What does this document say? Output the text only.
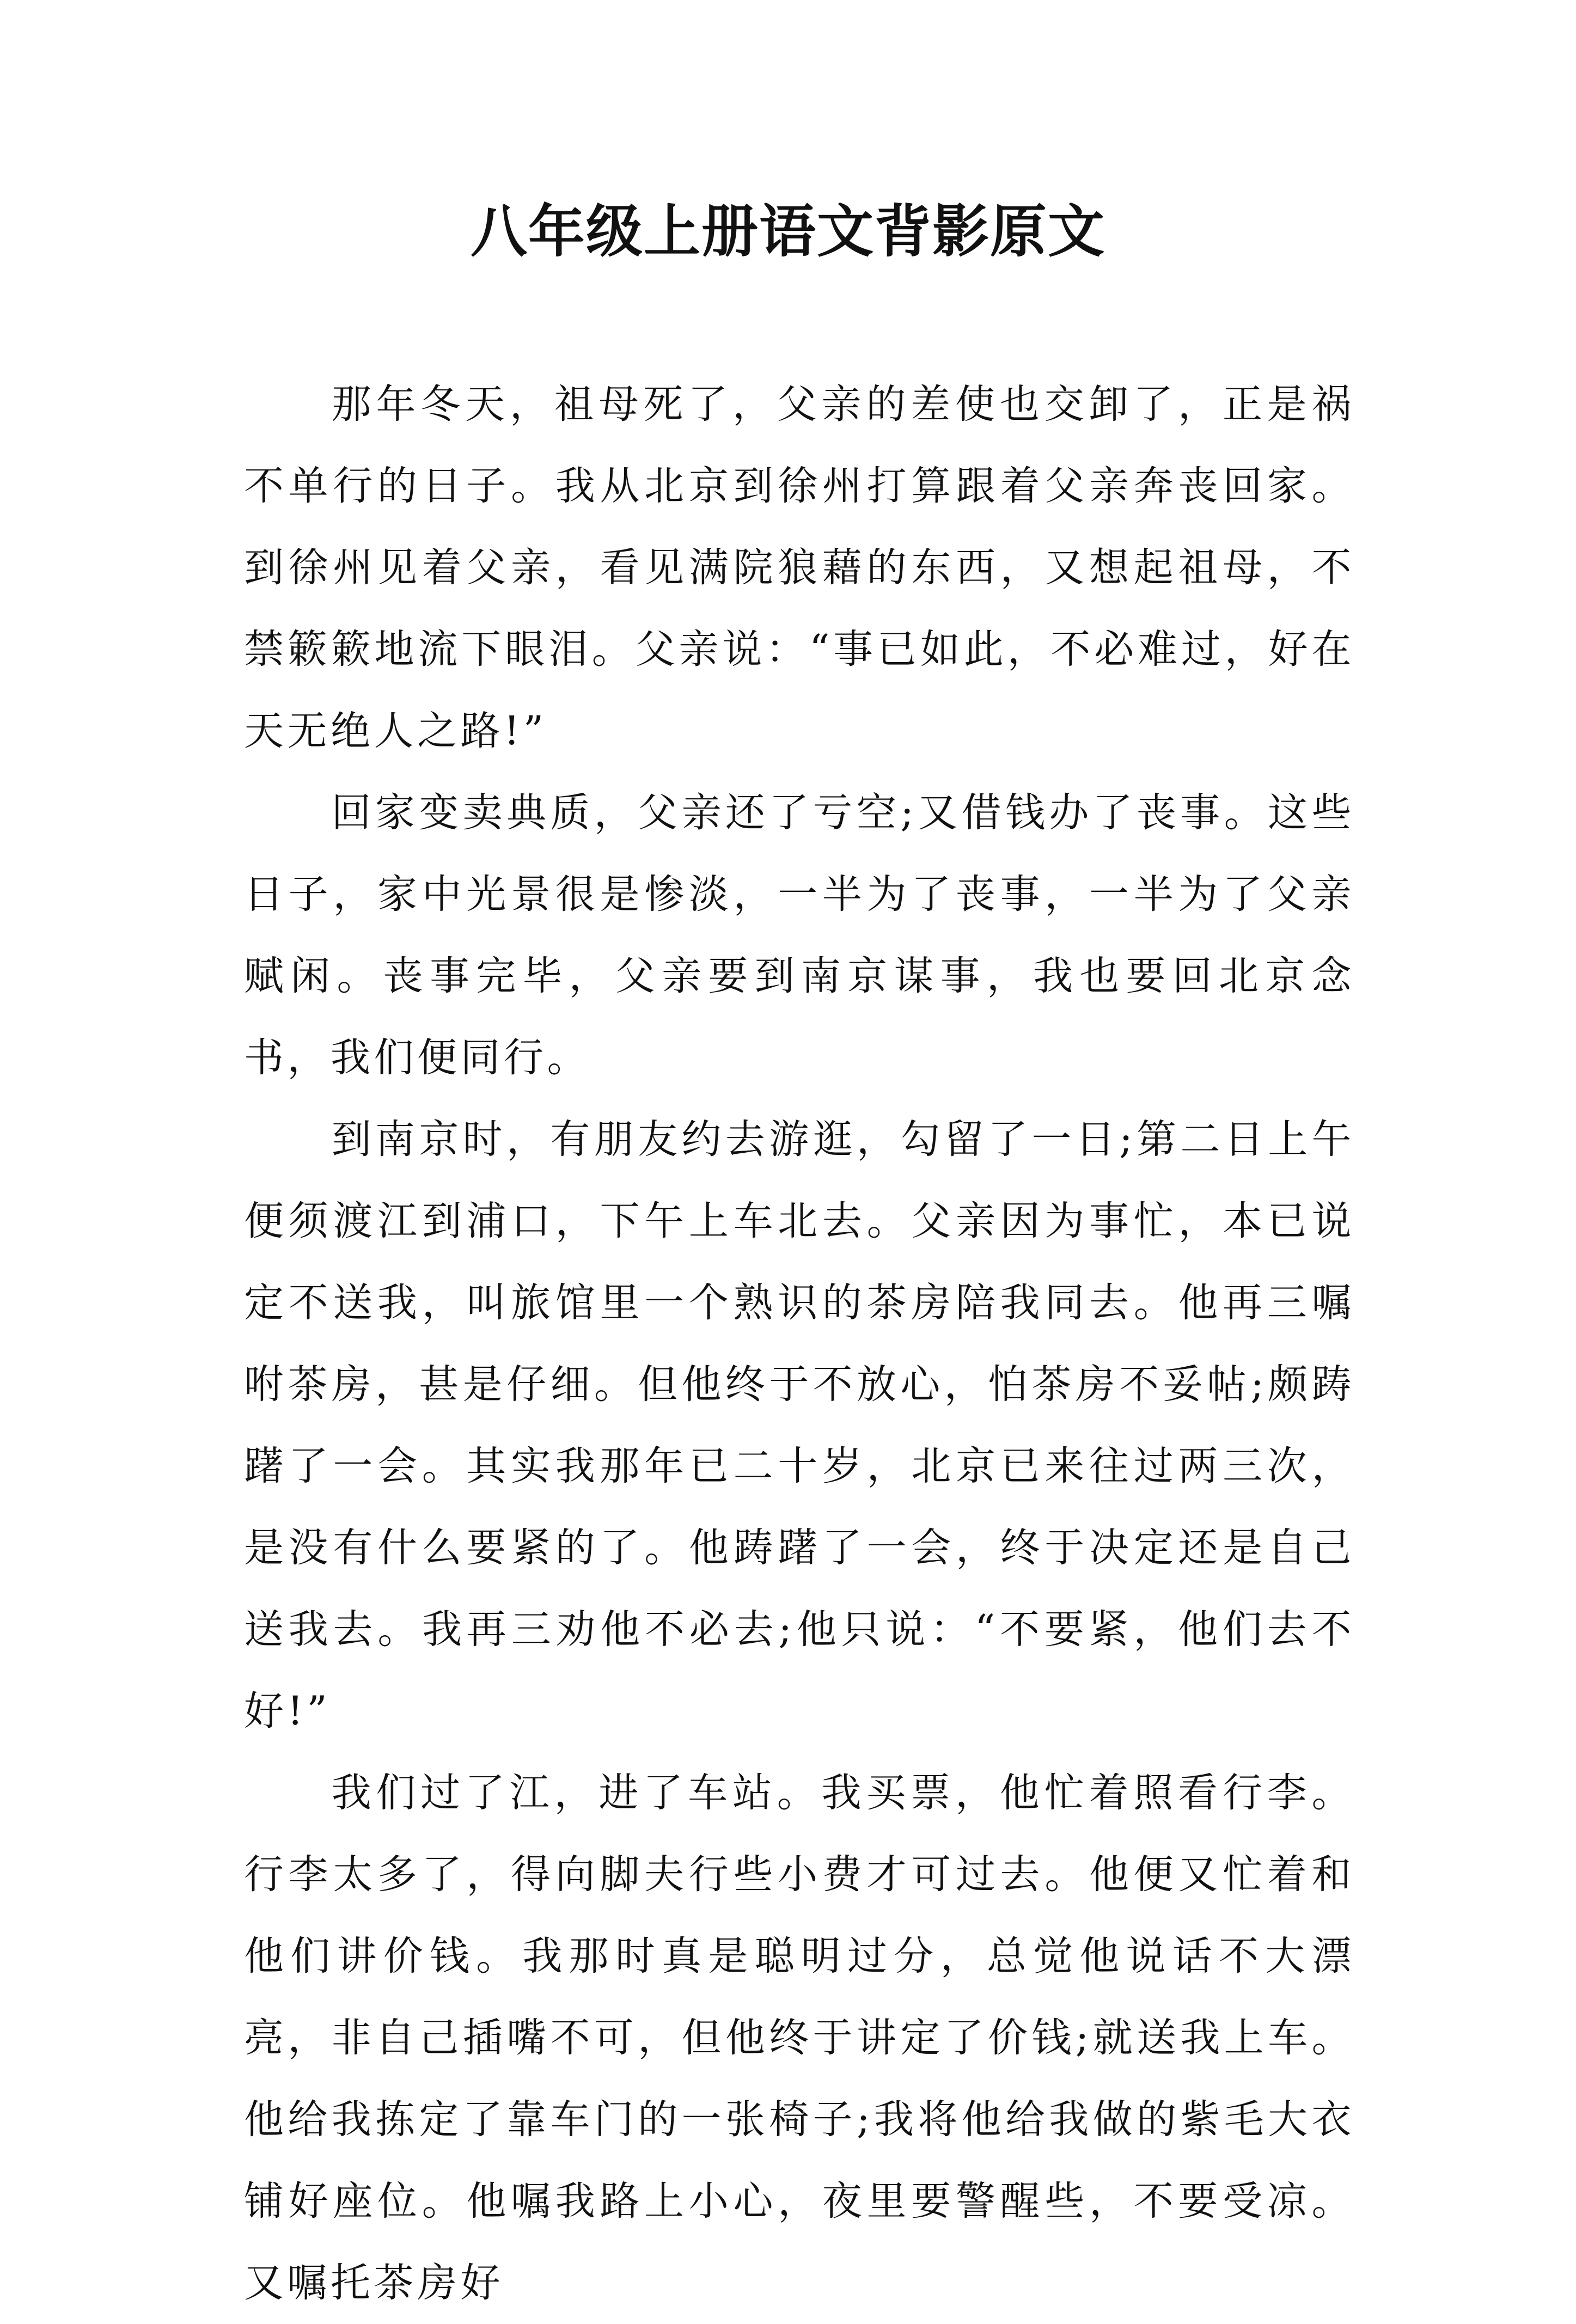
八年级上册语文背影原文

那年冬天，祖母死了，父亲的差使也交卸了，正是祸不单行的日子。我从北京到徐州打算跟着父亲奔丧回家。到徐州见着父亲，看见满院狼藉的东西，又想起祖母，不禁簌簌地流下眼泪。父亲说：“事已如此，不必难过，好在天无绝人之路!”

回家变卖典质，父亲还了亏空;又借钱办了丧事。这些日子，家中光景很是惨淡，一半为了丧事，一半为了父亲赋闲。丧事完毕，父亲要到南京谋事，我也要回北京念书，我们便同行。

到南京时，有朋友约去游逛，勾留了一日;第二日上午便须渡江到浦口，下午上车北去。父亲因为事忙，本已说定不送我，叫旅馆里一个熟识的茶房陪我同去。他再三嘱咐茶房，甚是仔细。但他终于不放心，怕茶房不妥帖;颇踌躇了一会。其实我那年已二十岁，北京已来往过两三次，是没有什么要紧的了。他踌躇了一会，终于决定还是自己送我去。我再三劝他不必去;他只说：“不要紧，他们去不好!”

我们过了江，进了车站。我买票，他忙着照看行李。行李太多了，得向脚夫行些小费才可过去。他便又忙着和他们讲价钱。我那时真是聪明过分，总觉他说话不大漂亮，非自己插嘴不可，但他终于讲定了价钱;就送我上车。他给我拣定了靠车门的一张椅子;我将他给我做的紫毛大衣铺好座位。他嘱我路上小心，夜里要警醒些，不要受凉。又嘱托茶房好
